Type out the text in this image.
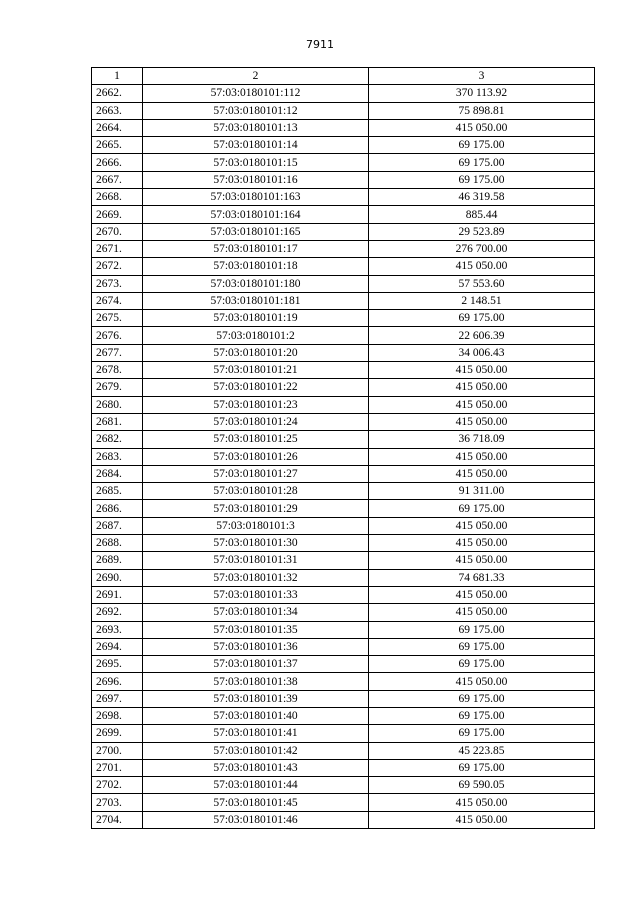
7911
1	2	3
2662.	57:03:0180101:112	370 113.92
2663.	57:03:0180101:12	75 898.81
2664.	57:03:0180101:13	415 050.00
2665.	57:03:0180101:14	69 175.00
2666.	57:03:0180101:15	69 175.00
2667.	57:03:0180101:16	69 175.00
2668.	57:03:0180101:163	46 319.58
2669.	57:03:0180101:164	885.44
2670.	57:03:0180101:165	29 523.89
2671.	57:03:0180101:17	276 700.00
2672.	57:03:0180101:18	415 050.00
2673.	57:03:0180101:180	57 553.60
2674.	57:03:0180101:181	2 148.51
2675.	57:03:0180101:19	69 175.00
2676.	57:03:0180101:2	22 606.39
2677.	57:03:0180101:20	34 006.43
2678.	57:03:0180101:21	415 050.00
2679.	57:03:0180101:22	415 050.00
2680.	57:03:0180101:23	415 050.00
2681.	57:03:0180101:24	415 050.00
2682.	57:03:0180101:25	36 718.09
2683.	57:03:0180101:26	415 050.00
2684.	57:03:0180101:27	415 050.00
2685.	57:03:0180101:28	91 311.00
2686.	57:03:0180101:29	69 175.00
2687.	57:03:0180101:3	415 050.00
2688.	57:03:0180101:30	415 050.00
2689.	57:03:0180101:31	415 050.00
2690.	57:03:0180101:32	74 681.33
2691.	57:03:0180101:33	415 050.00
2692.	57:03:0180101:34	415 050.00
2693.	57:03:0180101:35	69 175.00
2694.	57:03:0180101:36	69 175.00
2695.	57:03:0180101:37	69 175.00
2696.	57:03:0180101:38	415 050.00
2697.	57:03:0180101:39	69 175.00
2698.	57:03:0180101:40	69 175.00
2699.	57:03:0180101:41	69 175.00
2700.	57:03:0180101:42	45 223.85
2701.	57:03:0180101:43	69 175.00
2702.	57:03:0180101:44	69 590.05
2703.	57:03:0180101:45	415 050.00
2704.	57:03:0180101:46	415 050.00
